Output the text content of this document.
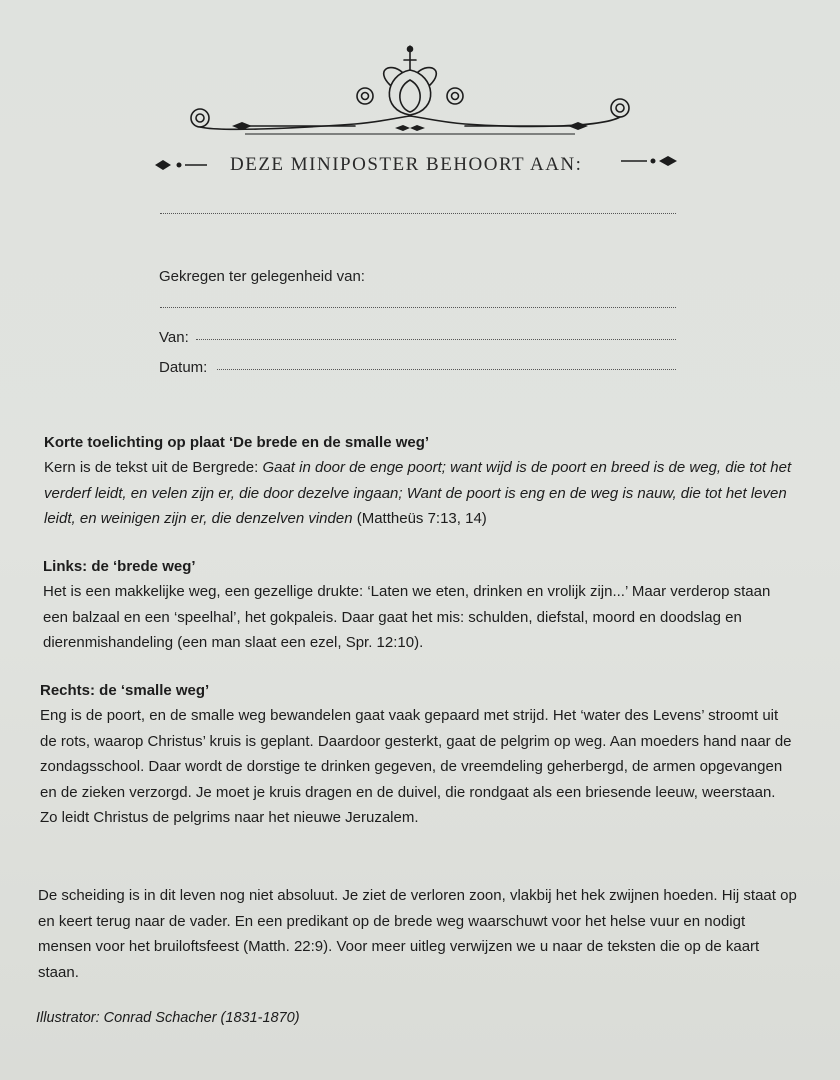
DEZE MINIPOSTER BEHOORT AAN:
Gekregen ter gelegenheid van:
Van:
Datum:

Korte toelichting op plaat ‘De brede en de smalle weg’

Kern is de tekst uit de Bergrede: Gaat in door de enge poort; want wijd is de poort en breed is de weg, die tot het verderf leidt, en velen zijn er, die door dezelve ingaan; Want de poort is eng en de weg is nauw, die tot het leven leidt, en weinigen zijn er, die denzelven vinden (Mattheüs 7:13, 14)

Links: de ‘brede weg’

Het is een makkelijke weg, een gezellige drukte: ‘Laten we eten, drinken en vrolijk zijn...’ Maar verderop staan een balzaal en een ‘speelhal’, het gokpaleis. Daar gaat het mis: schulden, diefstal, moord en doodslag en dierenmishandeling (een man slaat een ezel, Spr. 12:10).

Rechts: de ‘smalle weg’

Eng is de poort, en de smalle weg bewandelen gaat vaak gepaard met strijd. Het ‘water des Levens’ stroomt uit de rots, waarop Christus’ kruis is geplant. Daardoor gesterkt, gaat de pelgrim op weg. Aan moeders hand naar de zondagsschool. Daar wordt de dorstige te drinken gegeven, de vreemdeling geherbergd, de armen opgevangen en de zieken verzorgd. Je moet je kruis dragen en de duivel, die rondgaat als een briesende leeuw, weerstaan.

Zo leidt Christus de pelgrims naar het nieuwe Jeruzalem.

De scheiding is in dit leven nog niet absoluut. Je ziet de verloren zoon, vlakbij het hek zwijnen hoeden. Hij staat op en keert terug naar de vader. En een predikant op de brede weg waarschuwt voor het helse vuur en nodigt mensen voor het bruiloftsfeest (Matth. 22:9). Voor meer uitleg verwijzen we u naar de teksten die op de kaart staan.

Illustrator: Conrad Schacher (1831-1870)
